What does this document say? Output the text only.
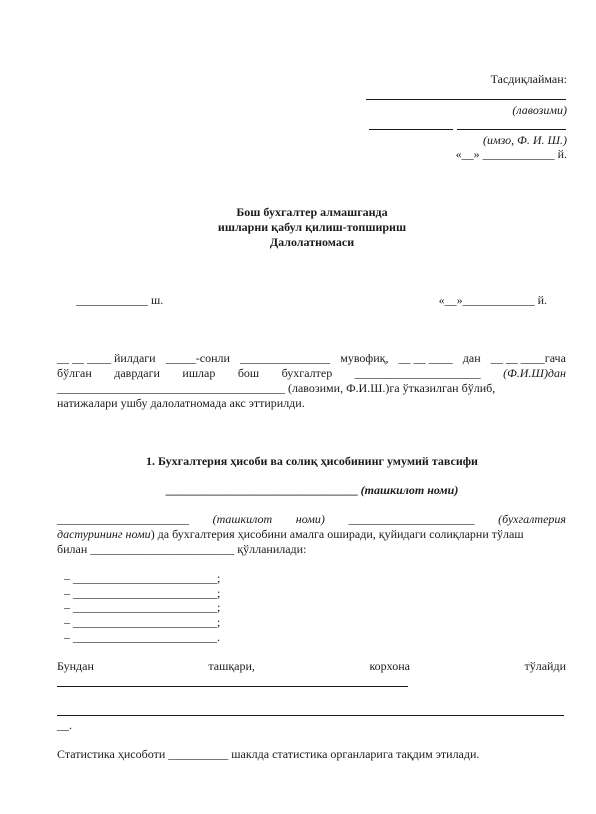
Тасдиқлайман:
(лавозими)
(имзо, Ф. И. Ш.)
«__» ____________ й.
Бош бухгалтер алмашганда
ишларни қабул қилиш-топшириш
Далолатномаси
____________ ш.	«__»____________ й.
__ __ ____ йилдаги _____-сонли _______________ мувофиқ, __ __ ____ дан __ __ ____гача
бўлган даврдаги ишлар бош бухгалтер _____________________ (Ф.И.Ш)дан
______________________________________ (лавозими, Ф.И.Ш.)га ўтказилган бўлиб,
натижалари ушбу далолатномада акс эттирилди.
1. Бухгалтерия ҳисоби ва солиқ ҳисобининг умумий тавсифи
________________________________ (ташкилот номи)
______________________ (ташкилот номи) _____________________ (бухгалтерия
дастурининг номи) да бухгалтерия ҳисобини амалга оширади, қуйидаги солиқларни тўлаш
билан ________________________ қўлланилади:
– ________________________;
– ________________________;
– ________________________;
– ________________________;
– ________________________.
Бундан	ташқари,	корхона	тўлайди
__.
Статистика ҳисоботи __________ шаклда статистика органларига тақдим этилади.
